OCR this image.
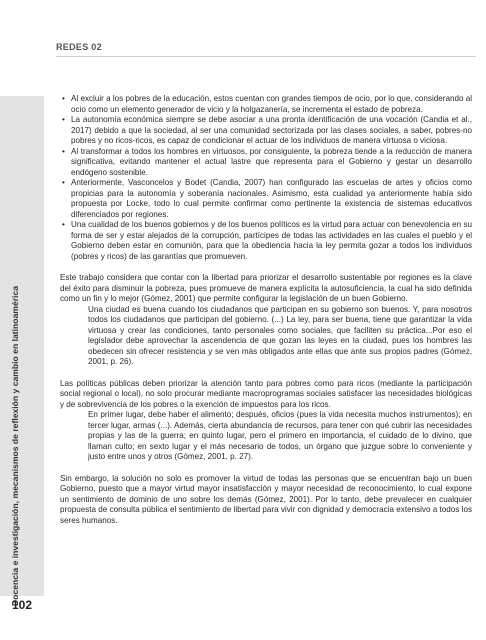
REDES 02
Docencia e investigación, mecanismos de reflexión y cambio en latinoamérica
102
• Al excluir a los pobres de la educación, estos cuentan con grandes tiempos de ocio, por lo que, considerando al ocio como un elemento generador de vicio y la holgazanería, se incrementa el estado de pobreza.
• La autonomía económica siempre se debe asociar a una pronta identificación de una vocación (Candia et al., 2017) debido a que la sociedad, al ser una comunidad sectorizada por las clases sociales, a saber, pobres-no pobres y no ricos-ricos, es capaz de condicionar el actuar de los individuos de manera virtuosa o viciosa.
• Al transformar a todos los hombres en virtuosos, por consiguiente, la pobreza tiende a la reducción de manera significativa, evitando mantener el actual lastre que representa para el Gobierno y gestar un desarrollo endógeno sostenible.
• Anteriormente, Vasconcelos y Bodet (Candia, 2007) han configurado las escuelas de artes y oficios como propicias para la autonomía y soberanía nacionales. Asimismo, esta cualidad ya anteriormente había sido propuesta por Locke, todo lo cual permite confirmar como pertinente la existencia de sistemas educativos diferenciados por regiones.
• Una cualidad de los buenos gobiernos y de los buenos políticos es la virtud para actuar con benevolencia en su forma de ser y estar alejados de la corrupción, partícipes de todas las actividades en las cuales el pueblo y el Gobierno deben estar en comunión, para que la obediencia hacia la ley permita gozar a todos los individuos (pobres y ricos) de las garantías que promueven.

Este trabajo considera que contar con la libertad para priorizar el desarrollo sustentable por regiones es la clave del éxito para disminuir la pobreza, pues promueve de manera explícita la autosuficiencia, la cual ha sido definida como un fin y lo mejor (Gómez, 2001) que permite configurar la legislación de un buen Gobierno.

Una ciudad es buena cuando los ciudadanos que participan en su gobierno son buenos. Y, para nosotros todos los ciudadanos que participan del gobierno. (...) La ley, para ser buena, tiene que garantizar la vida virtuosa y crear las condiciones, tanto personales como sociales, que faciliten su práctica...Por eso el legislador debe aprovechar la ascendencia de que gozan las leyes en la ciudad, pues los hombres las obedecen sin ofrecer resistencia y se ven más obligados ante ellas que ante sus propios padres (Gómez, 2001, p. 26).

Las políticas públicas deben priorizar la atención tanto para pobres como para ricos (mediante la participación social regional o local), no solo procurar mediante macroprogramas sociales satisfacer las necesidades biológicas y de sobrevivencia de los pobres o la exención de impuestos para los ricos.

En primer lugar, debe haber el alimento; después, oficios (pues la vida necesita muchos instrumentos); en tercer lugar, armas (...). Además, cierta abundancia de recursos, para tener con qué cubrir las necesidades propias y las de la guerra; en quinto lugar, pero el primero en importancia, el cuidado de lo divino, que llaman culto; en sexto lugar y el más necesario de todos, un órgano que juzgue sobre lo conveniente y justo entre unos y otros (Gómez, 2001, p. 27).

Sin embargo, la solución no solo es promover la virtud de todas las personas que se encuentran bajo un buen Gobierno, puesto que a mayor virtud mayor insatisfacción y mayor necesidad de reconocimiento, lo cual expone un sentimiento de dominio de uno sobre los demás (Gómez, 2001). Por lo tanto, debe prevalecer en cualquier propuesta de consulta pública el sentimiento de libertad para vivir con dignidad y democracia extensivo a todos los seres humanos.
